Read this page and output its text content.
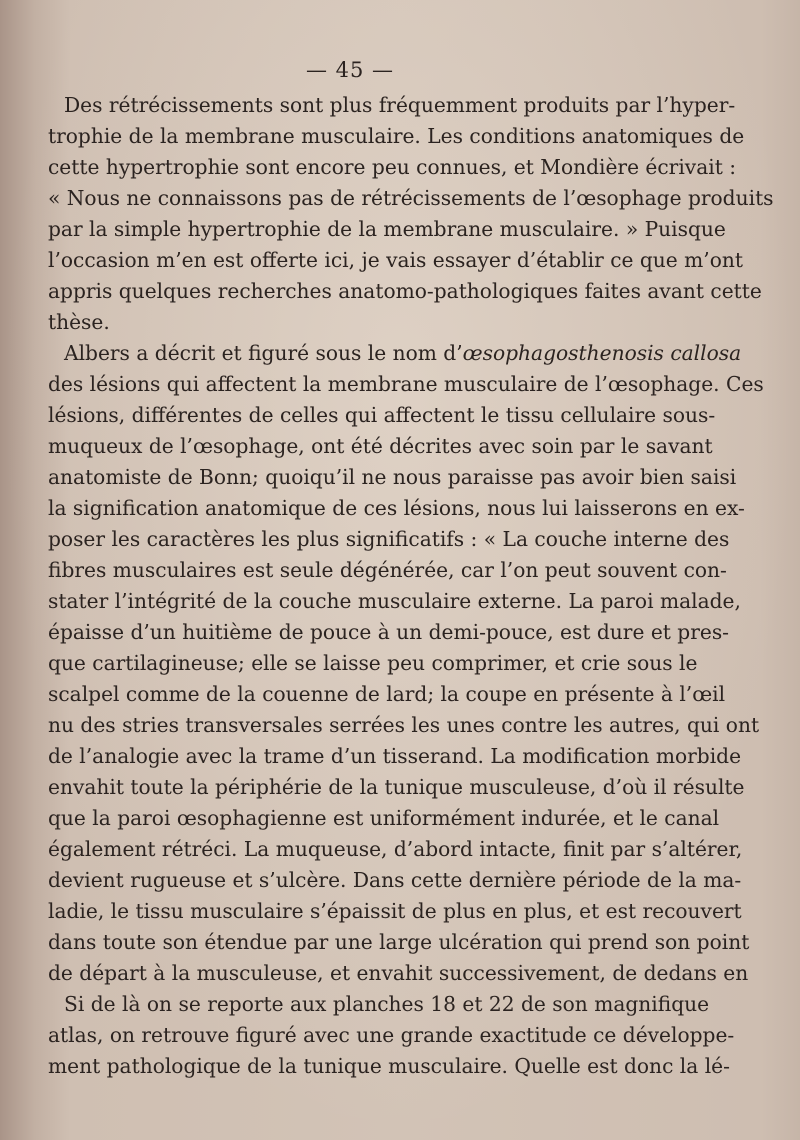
— 45 —
Des rétrécissements sont plus fréquemment produits par l’hyper-
trophie de la membrane musculaire. Les conditions anatomiques de
cette hypertrophie sont encore peu connues, et Mondière écrivait :
« Nous ne connaissons pas de rétrécissements de l’œsophage produits
par la simple hypertrophie de la membrane musculaire. » Puisque
l’occasion m’en est offerte ici, je vais essayer d’établir ce que m’ont
appris quelques recherches anatomo-pathologiques faites avant cette
thèse.
Albers a décrit et figuré sous le nom d’œsophagosthenosis callosa
des lésions qui affectent la membrane musculaire de l’œsophage. Ces
lésions, différentes de celles qui affectent le tissu cellulaire sous-
muqueux de l’œsophage, ont été décrites avec soin par le savant
anatomiste de Bonn; quoiqu’il ne nous paraisse pas avoir bien saisi
la signification anatomique de ces lésions, nous lui laisserons en ex-
poser les caractères les plus significatifs : « La couche interne des
fibres musculaires est seule dégénérée, car l’on peut souvent con-
stater l’intégrité de la couche musculaire externe. La paroi malade,
épaisse d’un huitième de pouce à un demi-pouce, est dure et pres-
que cartilagineuse; elle se laisse peu comprimer, et crie sous le
scalpel comme de la couenne de lard; la coupe en présente à l’œil
nu des stries transversales serrées les unes contre les autres, qui ont
de l’analogie avec la trame d’un tisserand. La modification morbide
envahit toute la périphérie de la tunique musculeuse, d’où il résulte
que la paroi œsophagienne est uniformément indurée, et le canal
également rétréci. La muqueuse, d’abord intacte, finit par s’altérer,
devient rugueuse et s’ulcère. Dans cette dernière période de la ma-
ladie, le tissu musculaire s’épaissit de plus en plus, et est recouvert
dans toute son étendue par une large ulcération qui prend son point
de départ à la musculeuse, et envahit successivement, de dedans en
Si de là on se reporte aux planches 18 et 22 de son magnifique
atlas, on retrouve figuré avec une grande exactitude ce développe-
ment pathologique de la tunique musculaire. Quelle est donc la lé-
